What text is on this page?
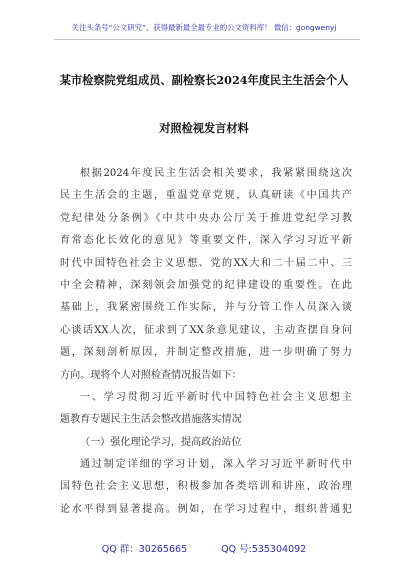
关注头条号“公文研究”，获得最新最全最专业的公文资料库！ 微信：gongwenyj
某市检察院党组成员、副检察长2024年度民主生活会个人
对照检视发言材料

根据2024年度民主生活会相关要求，我紧紧围绕这次
民主生活会的主题，重温党章党规，认真研读《中国共产
党纪律处分条例》《中共中央办公厅关于推进党纪学习教
育常态化长效化的意见》等重要文件，深入学习习近平新
时代中国特色社会主义思想、党的XX大和二十届二中、三
中全会精神，深刻领会加强党的纪律建设的重要性。在此
基础上，我紧密围绕工作实际，并与分管工作人员深入谈
心谈话XX人次，征求到了XX条意见建议，主动查摆自身问
题，深刻剖析原因，并制定整改措施，进一步明确了努力
方向。现将个人对照检查情况报告如下：

一、学习贯彻习近平新时代中国特色社会主义思想主
题教育专题民主生活会整改措施落实情况

（一）强化理论学习，提高政治站位

通过制定详细的学习计划，深入学习习近平新时代中
国特色社会主义思想，积极参加各类培训和讲座，政治理
论水平得到显著提高。例如，在学习过程中，组织普通犯

QQ 群：30265665	QQ 号:535304092
